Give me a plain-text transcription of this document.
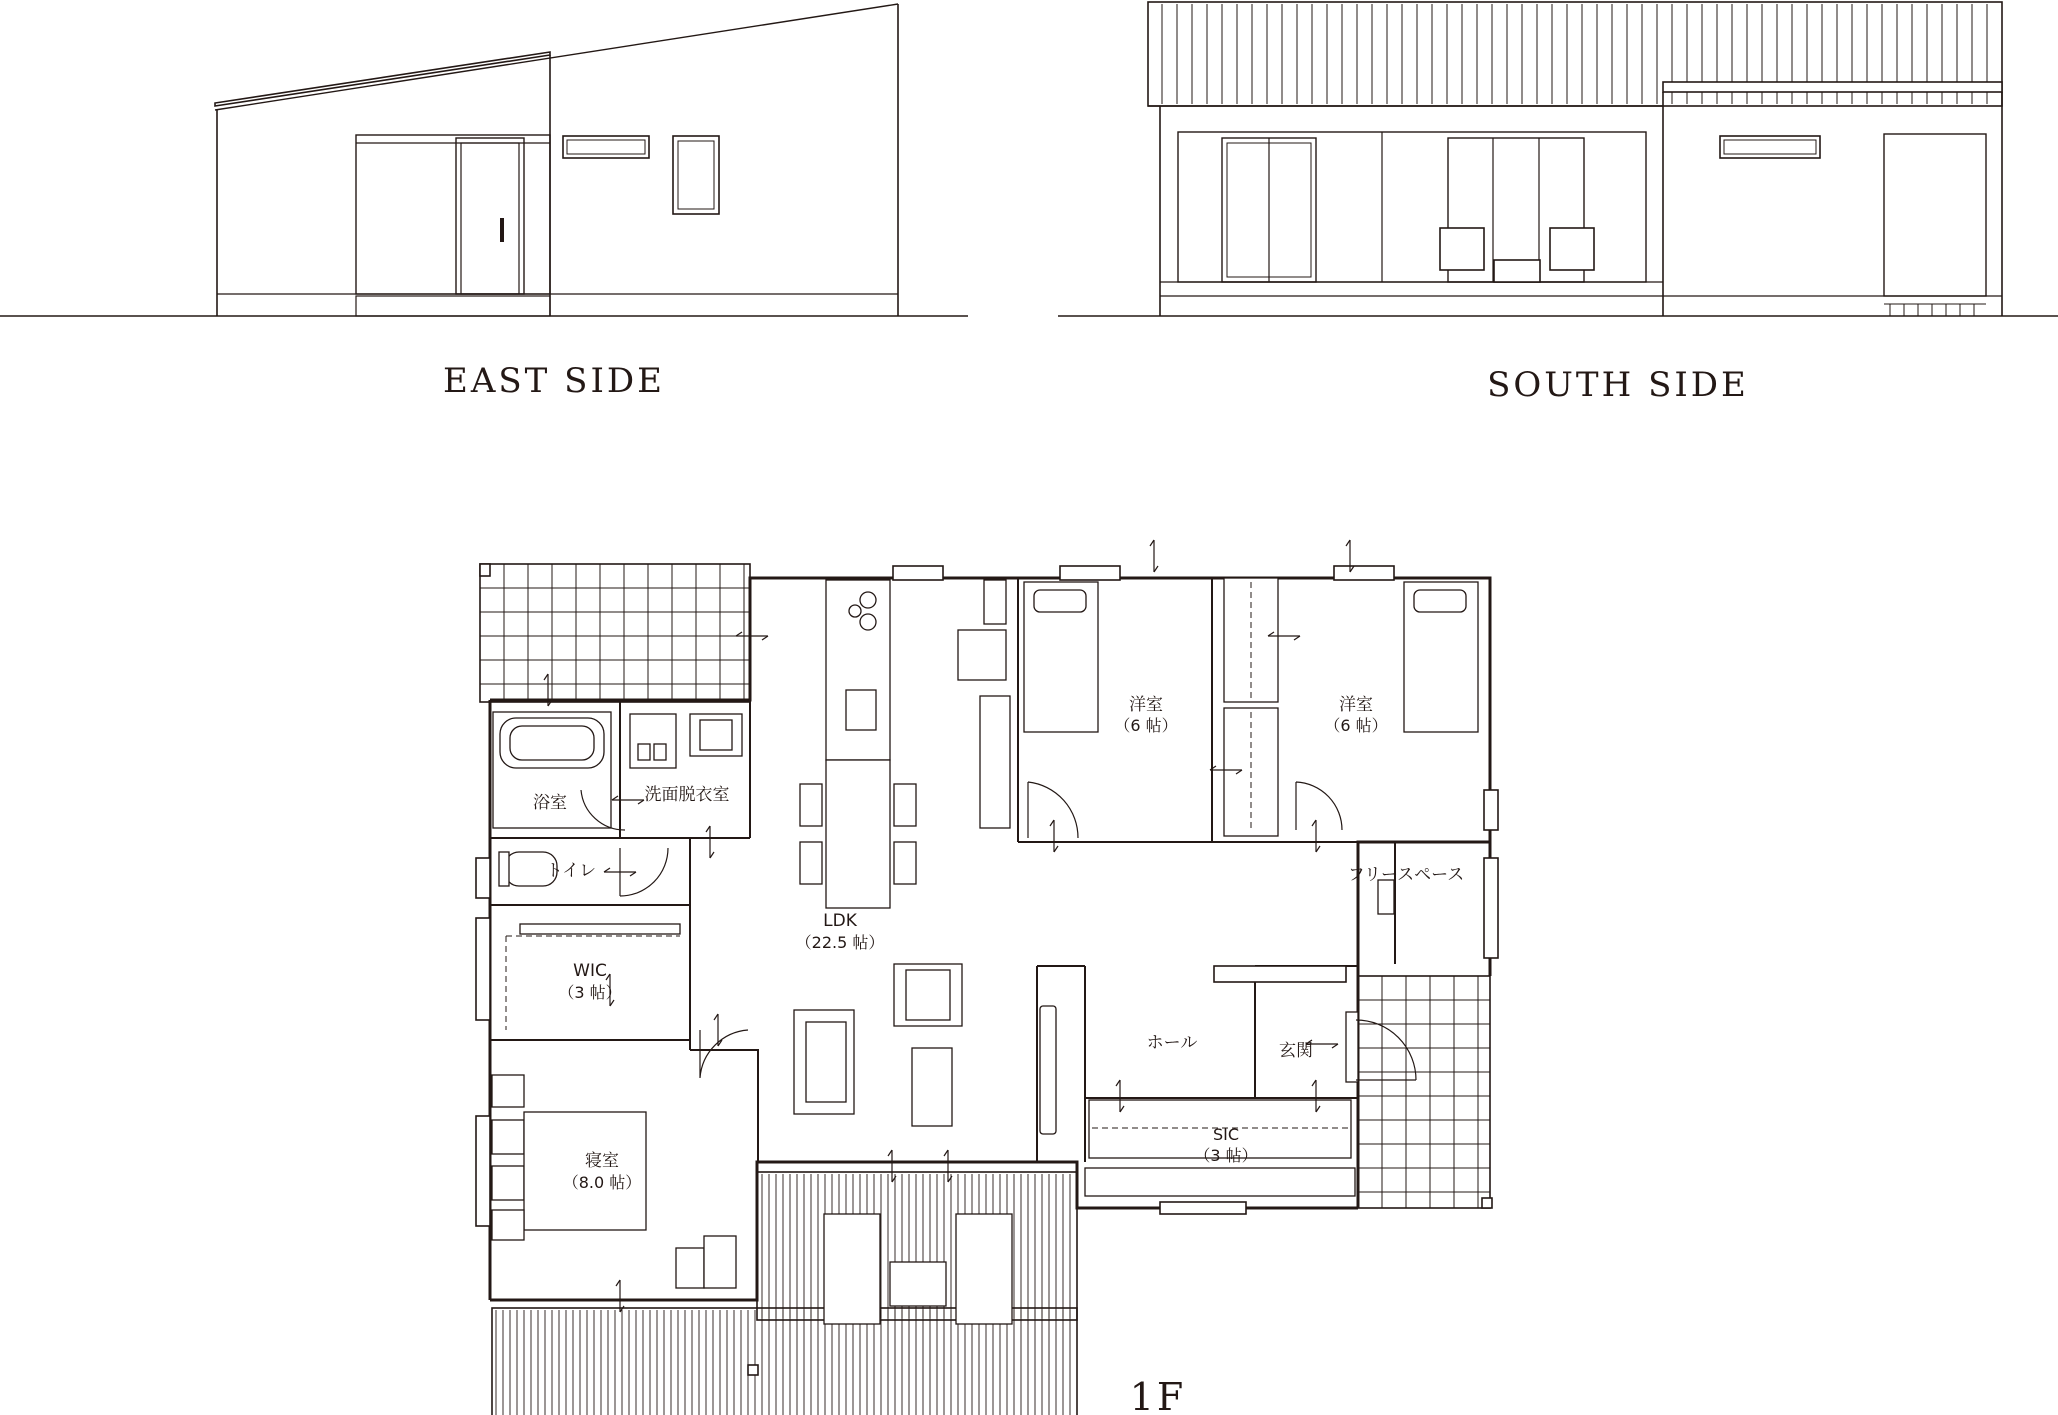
EAST SIDE	SOUTH SIDE
浴室	洗面脱衣室
トイレ
WIC
（3 帖）
寝室
（8.0 帖）
LDK
（22.5 帖）
洋室
（6 帖）
洋室
（6 帖）
フリースペース
ホール	玄関
SIC
（3 帖）
1F
